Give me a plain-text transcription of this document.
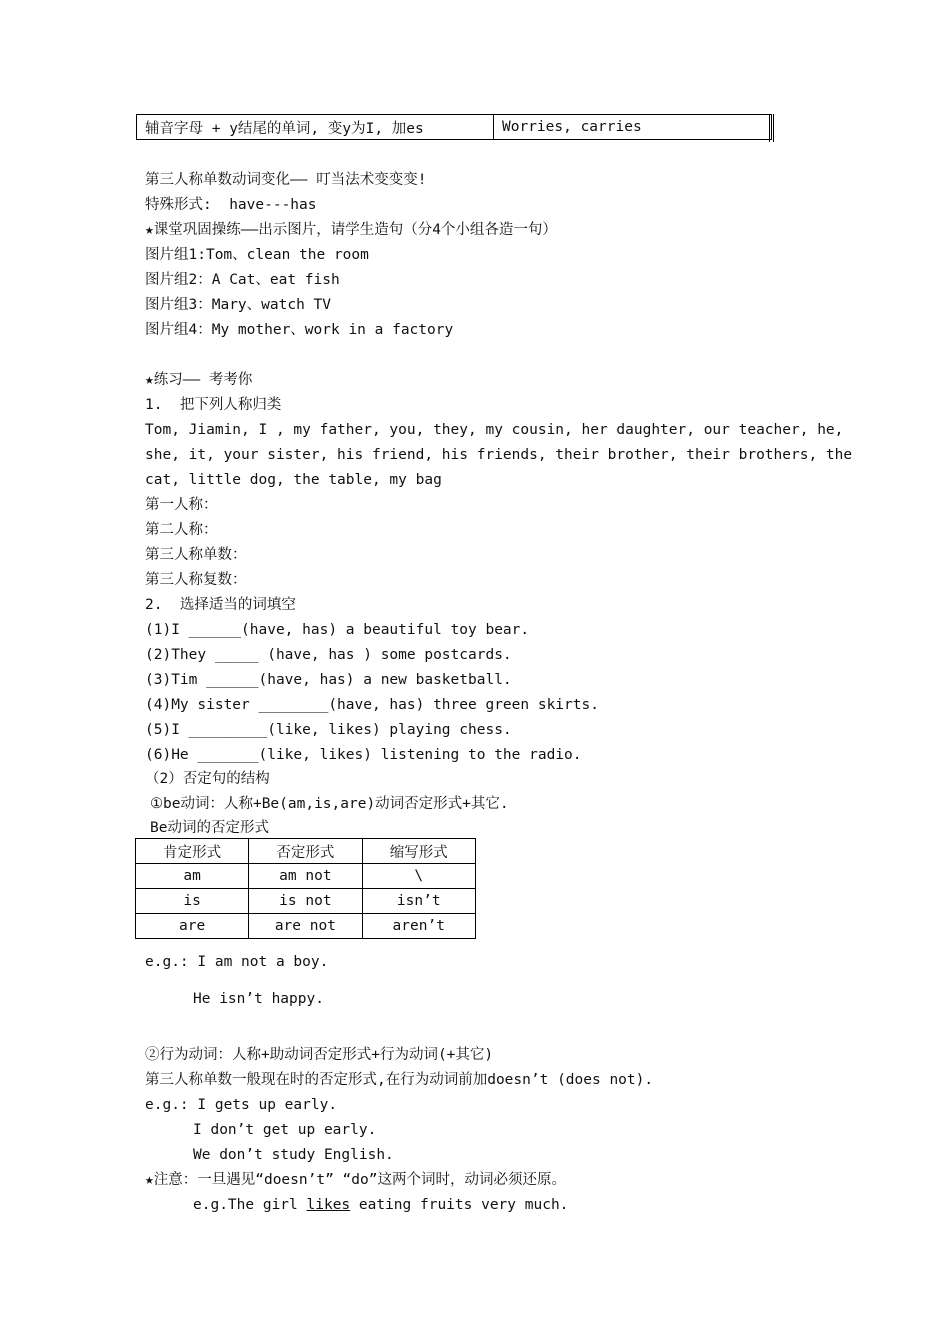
辅音字母 + y结尾的单词, 变y为I, 加es	Worries, carries
第三人称单数动词变化—— 叮当法术变变变!
特殊形式:  have---has
★课堂巩固操练——出示图片，请学生造句（分4个小组各造一句）
图片组1:Tom、clean the room
图片组2：A Cat、eat fish
图片组3：Mary、watch TV
图片组4：My mother、work in a factory
★练习—— 考考你
1.  把下列人称归类
Tom, Jiamin, I , my father, you, they, my cousin, her daughter, our teacher, he,
she, it, your sister, his friend, his friends, their brother, their brothers, the
cat, little dog, the table, my bag
第一人称：
第二人称：
第三人称单数：
第三人称复数：
2.  选择适当的词填空
(1)I ______(have, has) a beautiful toy bear.
(2)They _____ (have, has ) some postcards.
(3)Tim ______(have, has) a new basketball.
(4)My sister ________(have, has) three green skirts.
(5)I _________(like, likes) playing chess.
(6)He _______(like, likes) listening to the radio.
（2）否定句的结构
①be动词：人称+Be(am,is,are)动词否定形式+其它.
Be动词的否定形式
肯定形式	否定形式	缩写形式
am	am not	\
is	is not	isn’t
are	are not	aren’t
e.g.: I am not a boy.
He isn’t happy.
②行为动词：人称+助动词否定形式+行为动词(+其它)
第三人称单数一般现在时的否定形式,在行为动词前加doesn’t (does not).
e.g.: I gets up early.
I don’t get up early.
We don’t study English.
★注意：一旦遇见“doesn’t” “do”这两个词时，动词必须还原。
e.g.The girl likes eating fruits very much.
